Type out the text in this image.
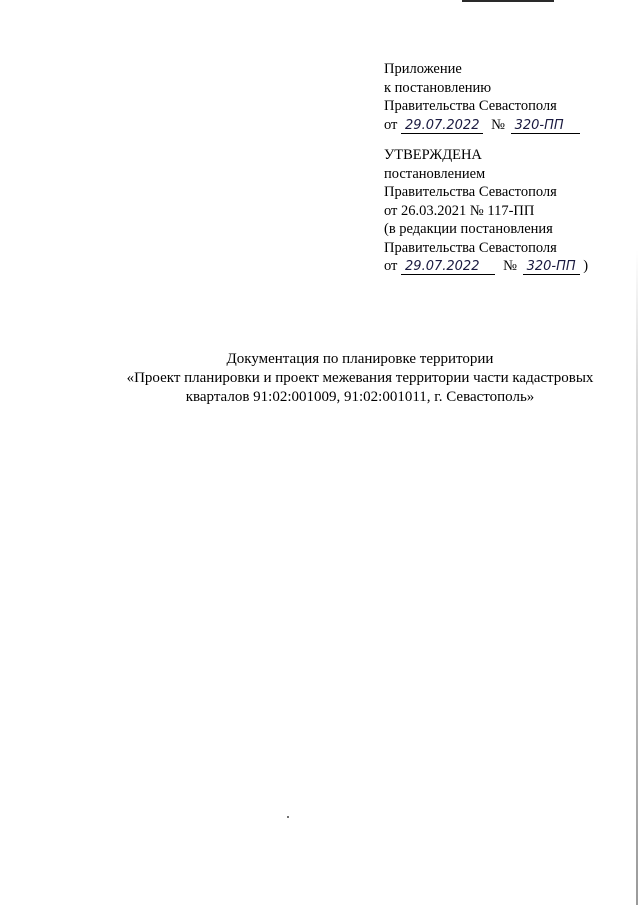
Приложение
к постановлению
Правительства Севастополя
от 29.07.2022 № 320-ПП
УТВЕРЖДЕНА
постановлением
Правительства Севастополя
от 26.03.2021 № 117-ПП
(в редакции постановления
Правительства Севастополя
от 29.07.2022 № 320-ПП )
Документация по планировке территории
«Проект планировки и проект межевания территории части кадастровых
кварталов 91:02:001009, 91:02:001011, г. Севастополь»
